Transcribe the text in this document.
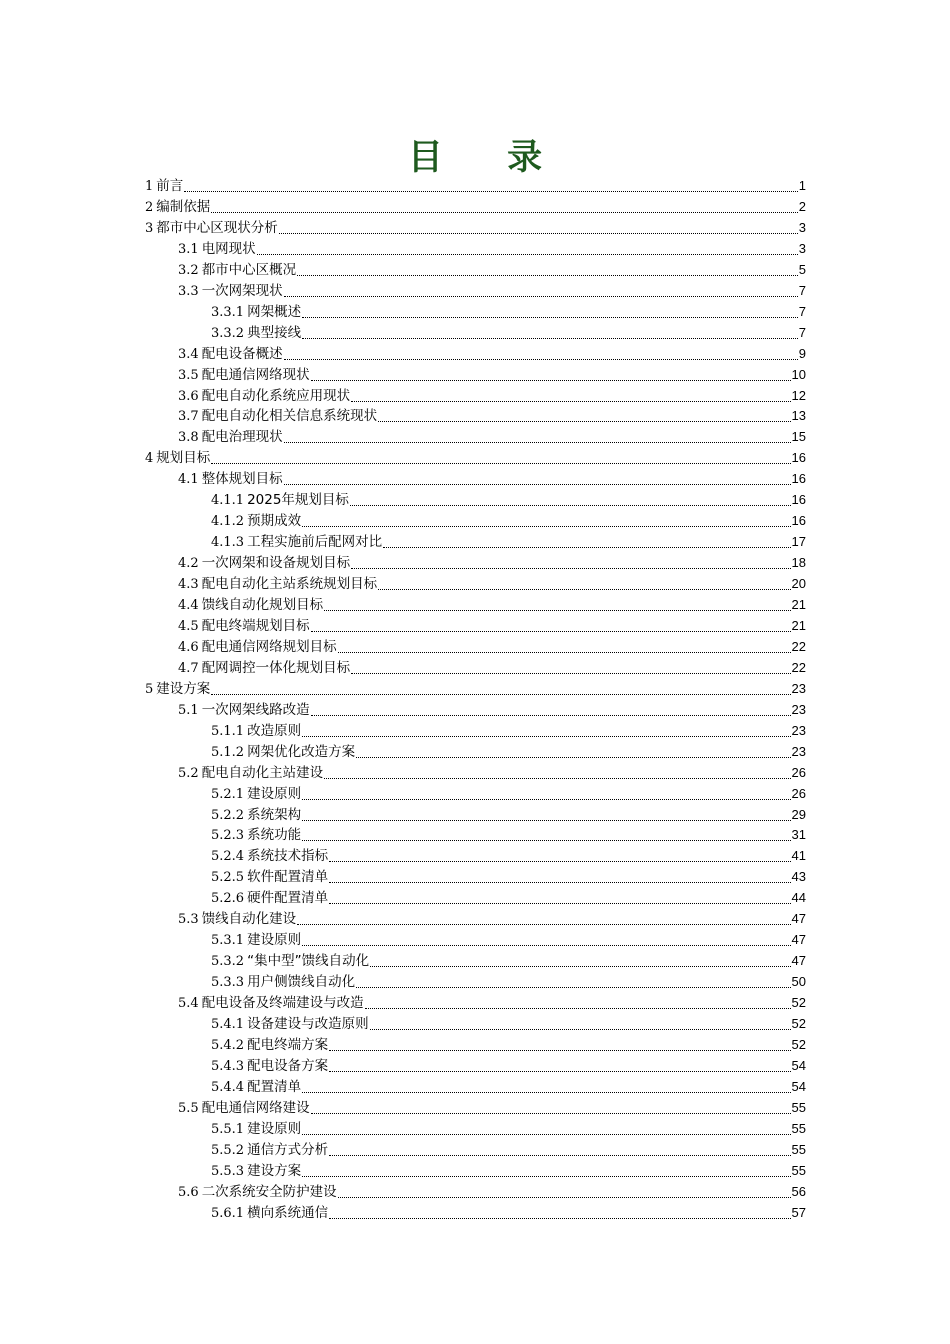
目 录
1 前言	1
2 编制依据	2
3 都市中心区现状分析	3
3.1 电网现状	3
3.2 都市中心区概况	5
3.3 一次网架现状	7
3.3.1 网架概述	7
3.3.2 典型接线	7
3.4 配电设备概述	9
3.5 配电通信网络现状	10
3.6 配电自动化系统应用现状	12
3.7 配电自动化相关信息系统现状	13
3.8 配电治理现状	15
4 规划目标	16
4.1 整体规划目标	16
4.1.1 2025年规划目标	16
4.1.2 预期成效	16
4.1.3 工程实施前后配网对比	17
4.2 一次网架和设备规划目标	18
4.3 配电自动化主站系统规划目标	20
4.4 馈线自动化规划目标	21
4.5 配电终端规划目标	21
4.6 配电通信网络规划目标	22
4.7 配网调控一体化规划目标	22
5 建设方案	23
5.1 一次网架线路改造	23
5.1.1 改造原则	23
5.1.2 网架优化改造方案	23
5.2 配电自动化主站建设	26
5.2.1 建设原则	26
5.2.2 系统架构	29
5.2.3 系统功能	31
5.2.4 系统技术指标	41
5.2.5 软件配置清单	43
5.2.6 硬件配置清单	44
5.3 馈线自动化建设	47
5.3.1 建设原则	47
5.3.2 “集中型”馈线自动化	47
5.3.3 用户侧馈线自动化	50
5.4 配电设备及终端建设与改造	52
5.4.1 设备建设与改造原则	52
5.4.2 配电终端方案	52
5.4.3 配电设备方案	54
5.4.4 配置清单	54
5.5 配电通信网络建设	55
5.5.1 建设原则	55
5.5.2 通信方式分析	55
5.5.3 建设方案	55
5.6 二次系统安全防护建设	56
5.6.1 横向系统通信	57
